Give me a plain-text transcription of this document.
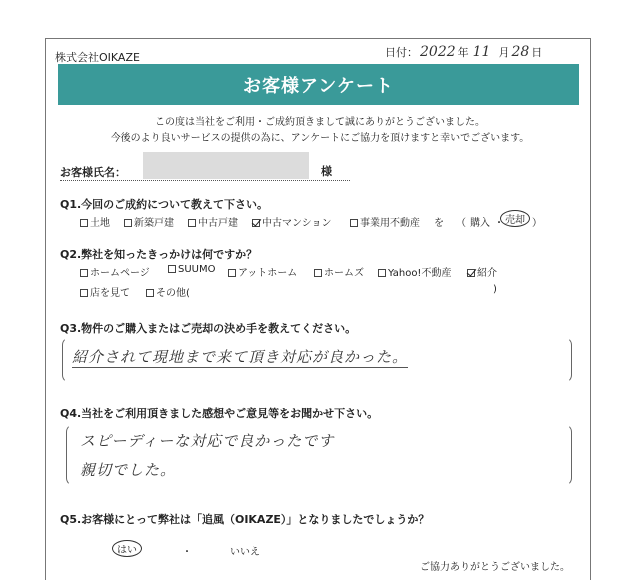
株式会社OIKAZE	日付： 2022 年 11 月 28 日
お客様アンケート
この度は当社をご利用・ご成約頂きまして誠にありがとうございました。
今後のより良いサービスの提供の為に、アンケートにご協力を頂けますと幸いでございます。
お客様氏名：	様
Q1.今回のご成約について教えて下さい。
土地	新築戸建	中古戸建	中古マンション	事業用不動産 を （ 購入 ・ 売却 ）
Q2.弊社を知ったきっかけは何ですか？
ホームページ	SUUMO	アットホーム	ホームズ	Yahoo!不動産	紹介
店を見て	その他(	)
Q3.物件のご購入またはご売却の決め手を教えてください。
紹介されて現地まで来て頂き対応が良かった。
Q4.当社をご利用頂きました感想やご意見等をお聞かせ下さい。
スピーディーな対応で良かったです
親切でした。
Q5.お客様にとって弊社は「追風（OIKAZE）」となりましたでしょうか？
はい	・	いいえ
ご協力ありがとうございました。
